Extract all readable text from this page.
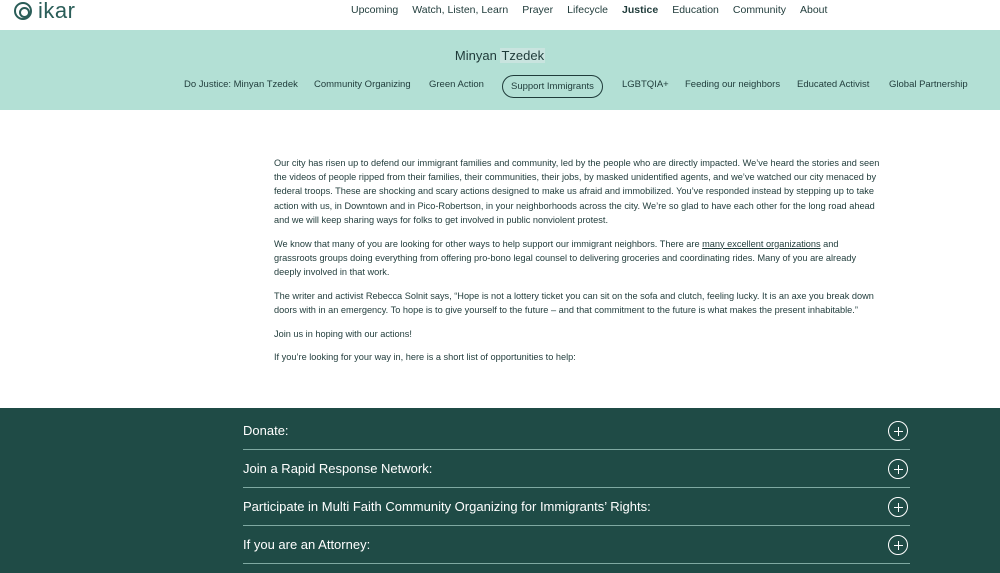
ikar	Upcoming Watch, Listen, Learn Prayer Lifecycle Justice Education Community About
Minyan Tzedek
Do Justice: Minyan Tzedek Community Organizing Green Action	Support Immigrants	LGBTQIA+ Feeding our neighbors Educated Activist Global Partnership

Our city has risen up to defend our immigrant families and community, led by the people who are directly impacted. We’ve heard the stories and seen the videos of people ripped from their families, their communities, their jobs, by masked unidentified agents, and we’ve watched our city menaced by federal troops. These are shocking and scary actions designed to make us afraid and immobilized. You’ve responded instead by stepping up to take action with us, in Downtown and in Pico-Robertson, in your neighborhoods across the city. We’re so glad to have each other for the long road ahead and we will keep sharing ways for folks to get involved in public nonviolent protest.

We know that many of you are looking for other ways to help support our immigrant neighbors. There are many excellent organizations and grassroots groups doing everything from offering pro-bono legal counsel to delivering groceries and coordinating rides. Many of you are already deeply involved in that work.

The writer and activist Rebecca Solnit says, “Hope is not a lottery ticket you can sit on the sofa and clutch, feeling lucky. It is an axe you break down doors with in an emergency. To hope is to give yourself to the future – and that commitment to the future is what makes the present inhabitable.”

Join us in hoping with our actions!

If you’re looking for your way in, here is a short list of opportunities to help:

Donate:
Join a Rapid Response Network:
Participate in Multi Faith Community Organizing for Immigrants’ Rights:
If you are an Attorney:
